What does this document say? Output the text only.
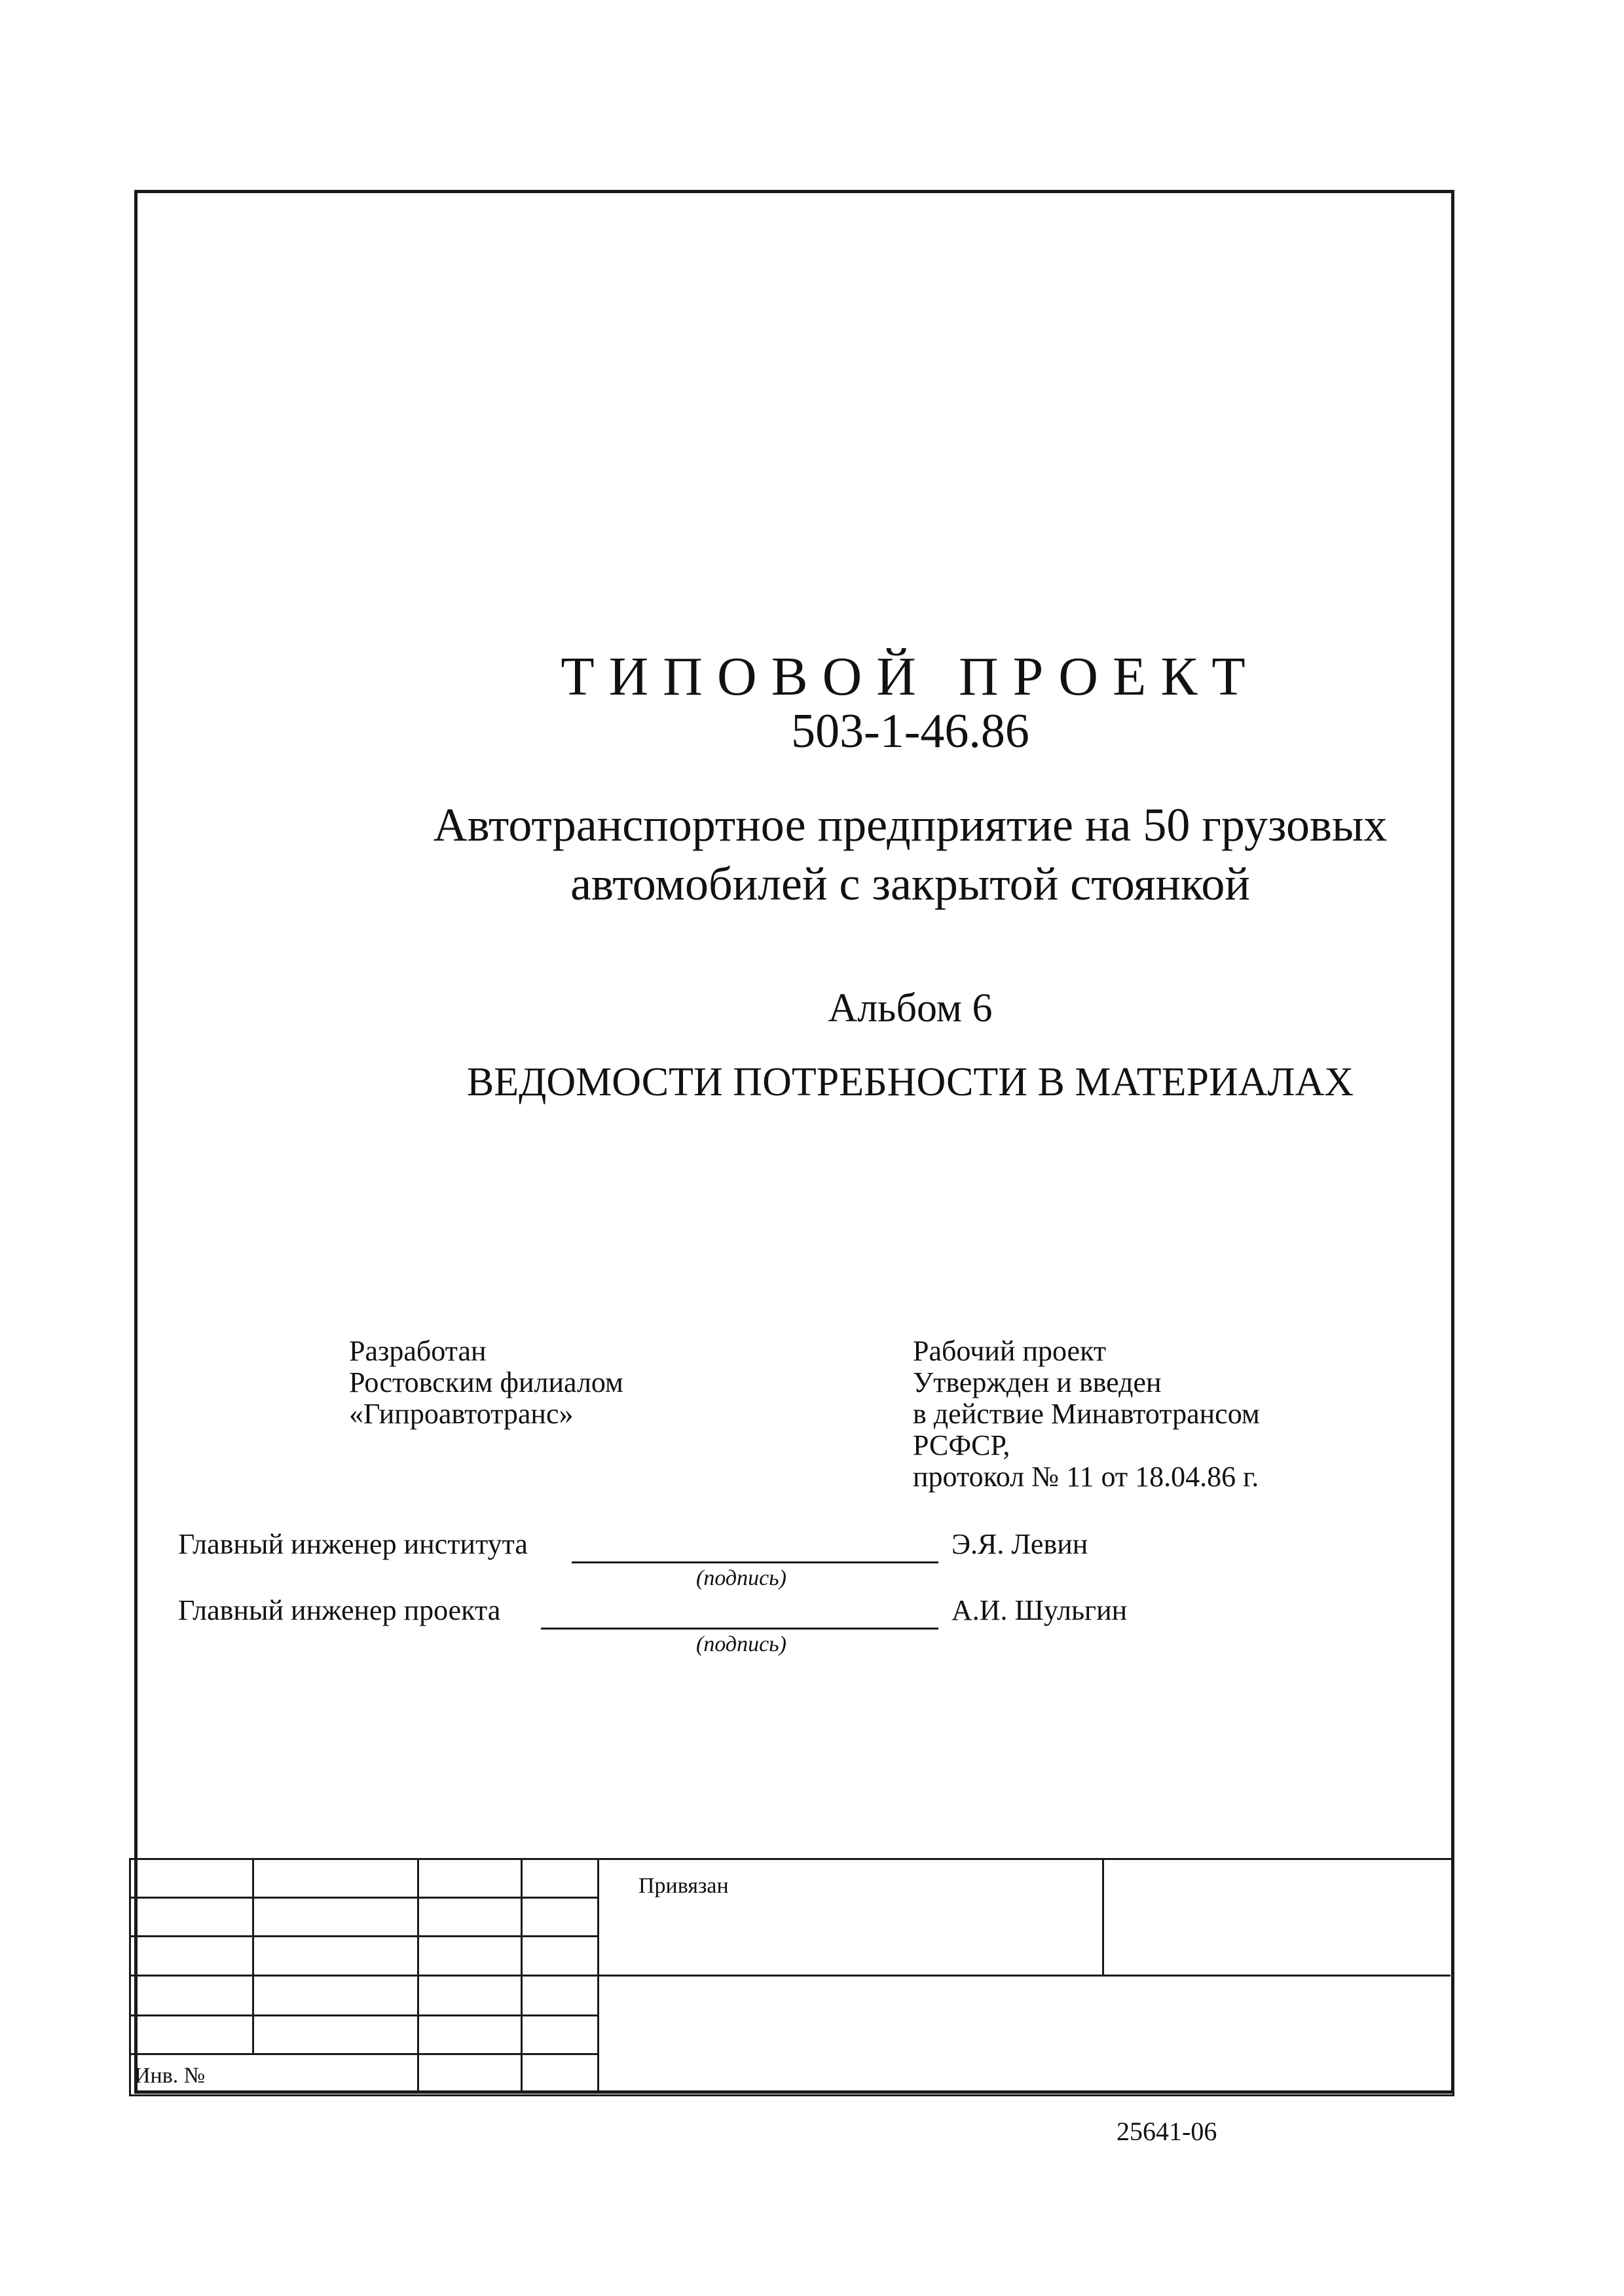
ТИПОВОЙ ПРОЕКТ
503-1-46.86
Автотранспортное предприятие на 50 грузовых
автомобилей с закрытой стоянкой
Альбом 6
ВЕДОМОСТИ ПОТРЕБНОСТИ В МАТЕРИАЛАХ
Разработан
Ростовским филиалом
«Гипроавтотранс»
Рабочий проект
Утвержден и введен
в действие Минавтотрансом
РСФСР,
протокол № 11 от 18.04.86 г.
Главный инженер института	Э.Я. Левин
(подпись)
Главный инженер проекта	А.И. Шульгин
(подпись)
Инв. №
Привязан
25641-06
